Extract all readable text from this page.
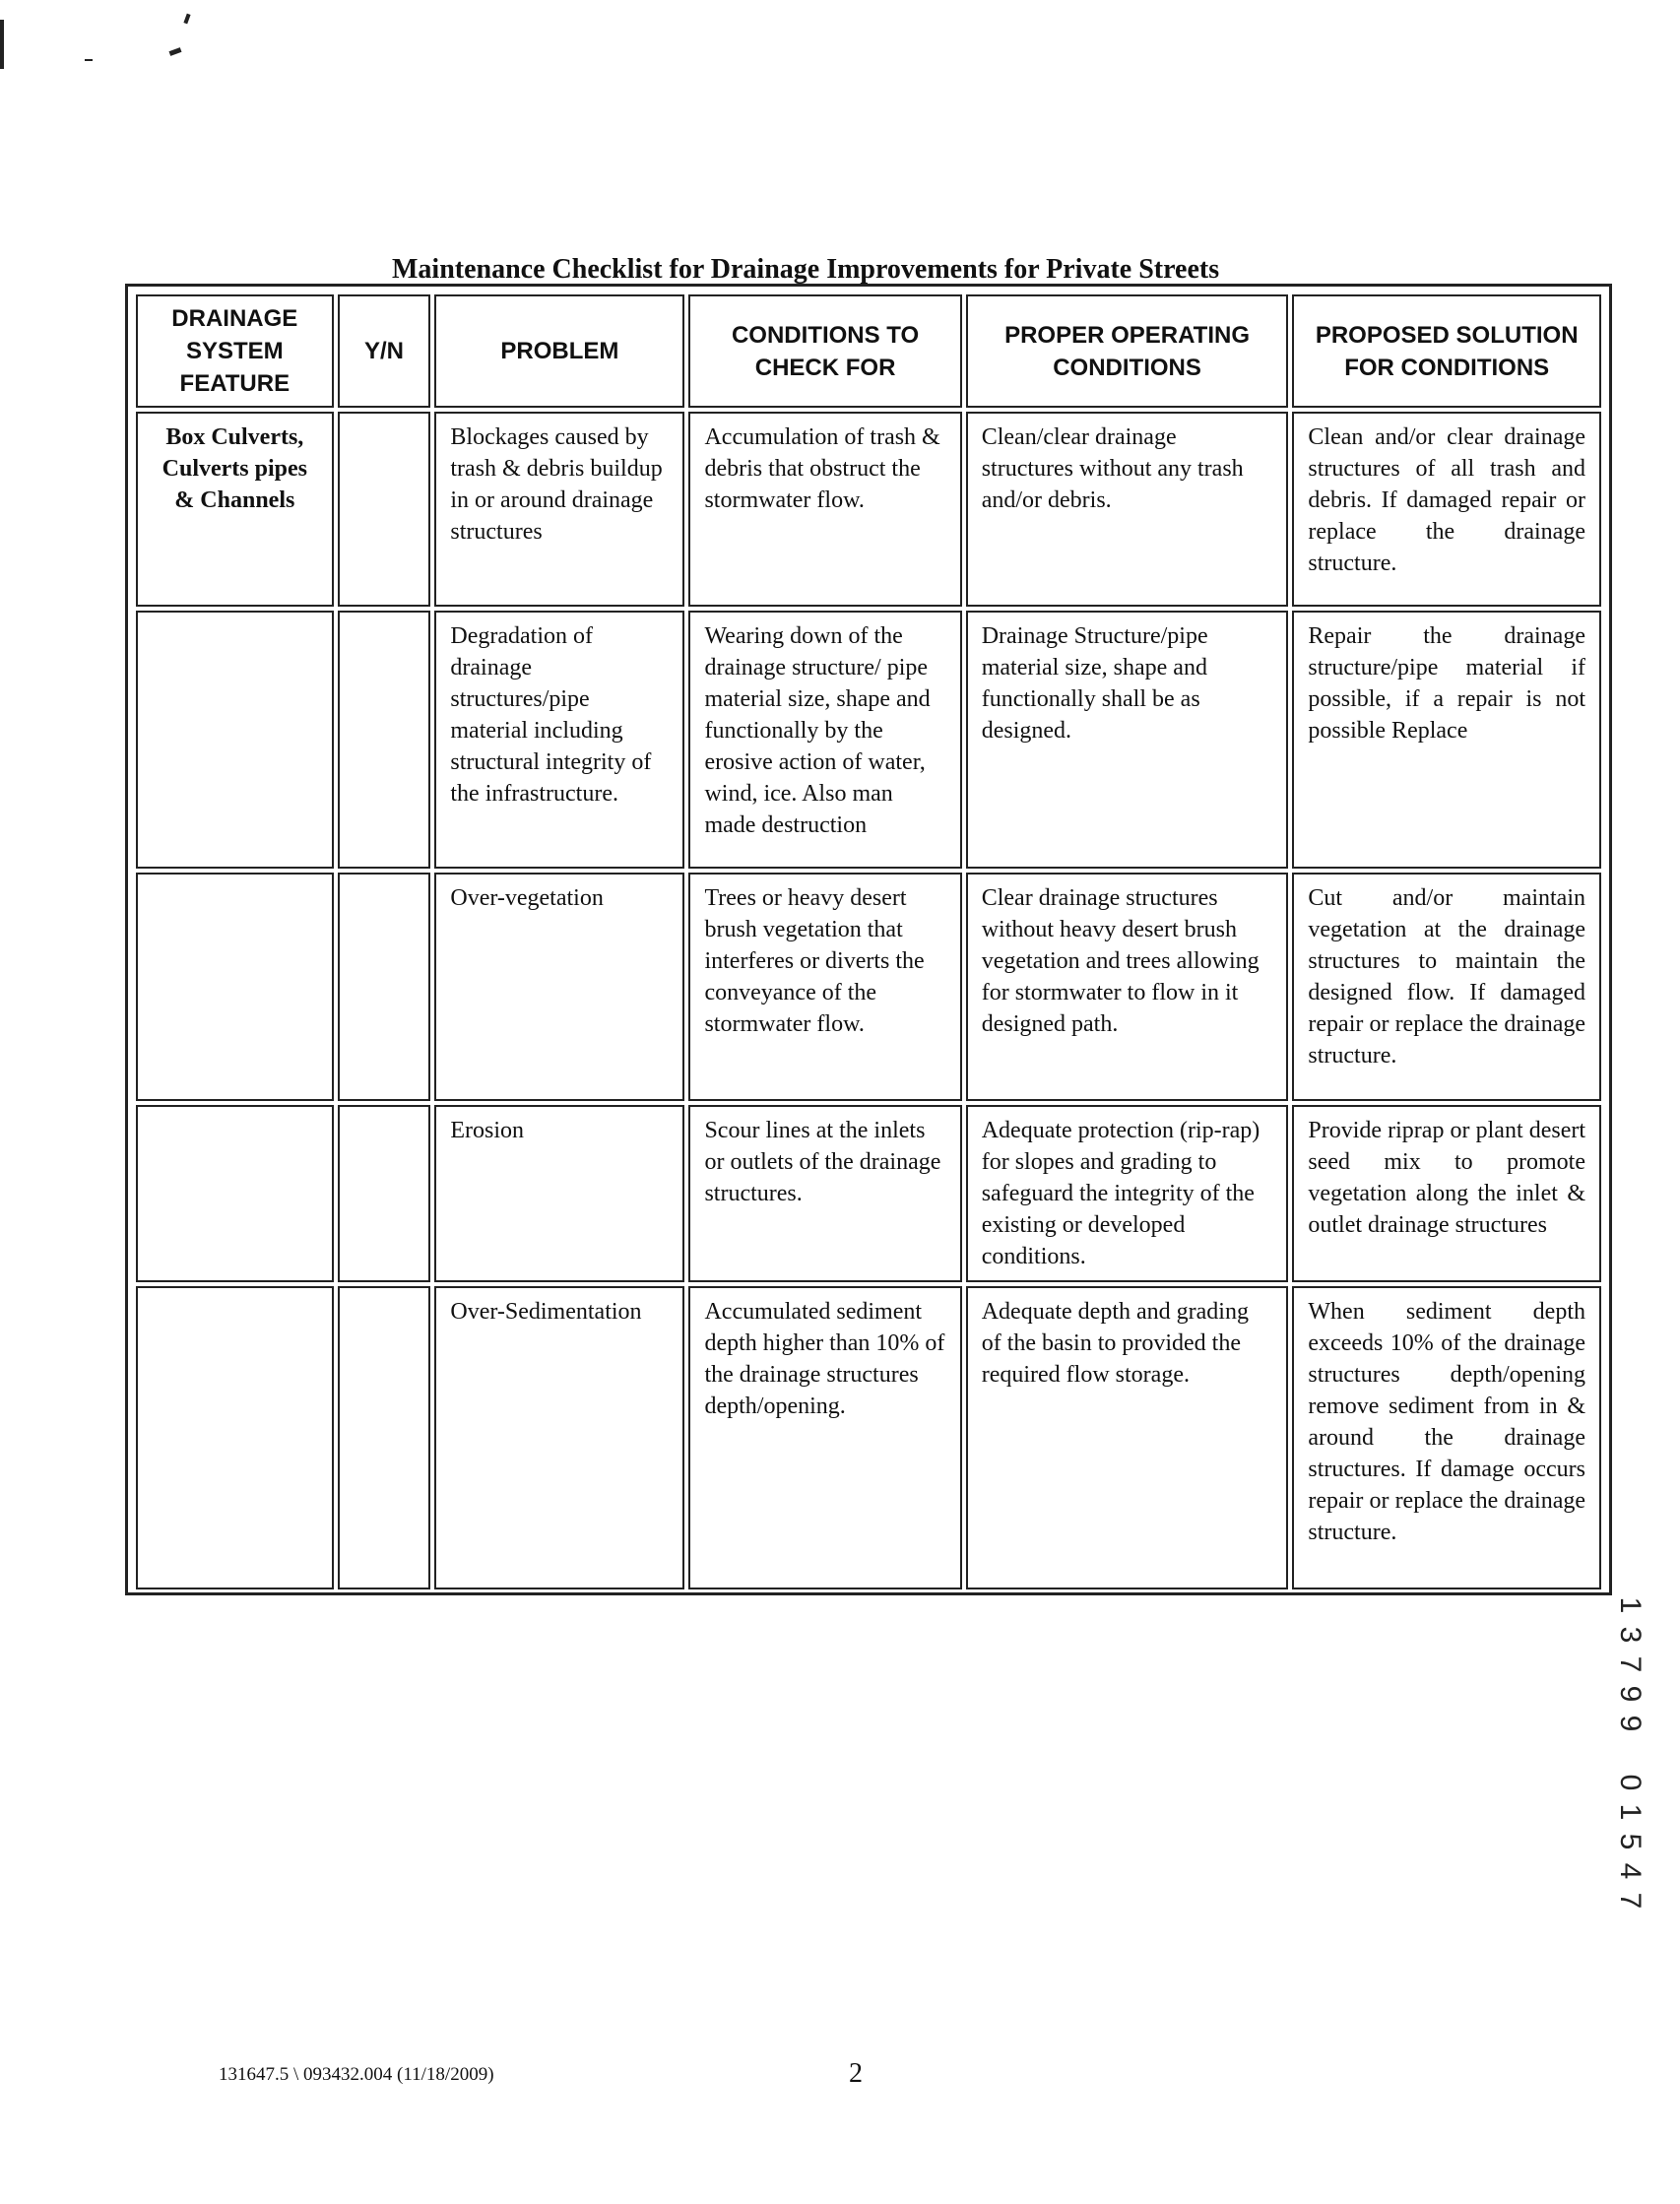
Maintenance Checklist for Drainage Improvements for Private Streets
DRAINAGE SYSTEM FEATURE	Y/N	PROBLEM	CONDITIONS TO CHECK FOR	PROPER OPERATING CONDITIONS	PROPOSED SOLUTION FOR CONDITIONS
Box Culverts, Culverts pipes & Channels		Blockages caused by trash & debris buildup in or around drainage structures	Accumulation of trash & debris that obstruct the stormwater flow.	Clean/clear drainage structures without any trash and/or debris.	Clean and/or clear drainage structures of all trash and debris. If damaged repair or replace the drainage structure.
		Degradation of drainage structures/pipe material including structural integrity of the infrastructure.	Wearing down of the drainage structure/ pipe material size, shape and functionally by the erosive action of water, wind, ice. Also man made destruction	Drainage Structure/pipe material size, shape and functionally shall be as designed.	Repair the drainage structure/pipe material if possible, if a repair is not possible Replace
		Over-vegetation	Trees or heavy desert brush vegetation that interferes or diverts the conveyance of the stormwater flow.	Clear drainage structures without heavy desert brush vegetation and trees allowing for stormwater to flow in it designed path.	Cut and/or maintain vegetation at the drainage structures to maintain the designed flow. If damaged repair or replace the drainage structure.
		Erosion	Scour lines at the inlets or outlets of the drainage structures.	Adequate protection (rip-rap) for slopes and grading to safeguard the integrity of the existing or developed conditions.	Provide riprap or plant desert seed mix to promote vegetation along the inlet & outlet drainage structures
		Over-Sedimentation	Accumulated sediment depth higher than 10% of the drainage structures depth/opening.	Adequate depth and grading of the basin to provided the required flow storage.	When sediment depth exceeds 10% of the drainage structures depth/opening remove sediment from in & around the drainage structures. If damage occurs repair or replace the drainage structure.
1
3
7
9
9
0
1
5
4
7
131647.5 \ 093432.004 (11/18/2009)	2
